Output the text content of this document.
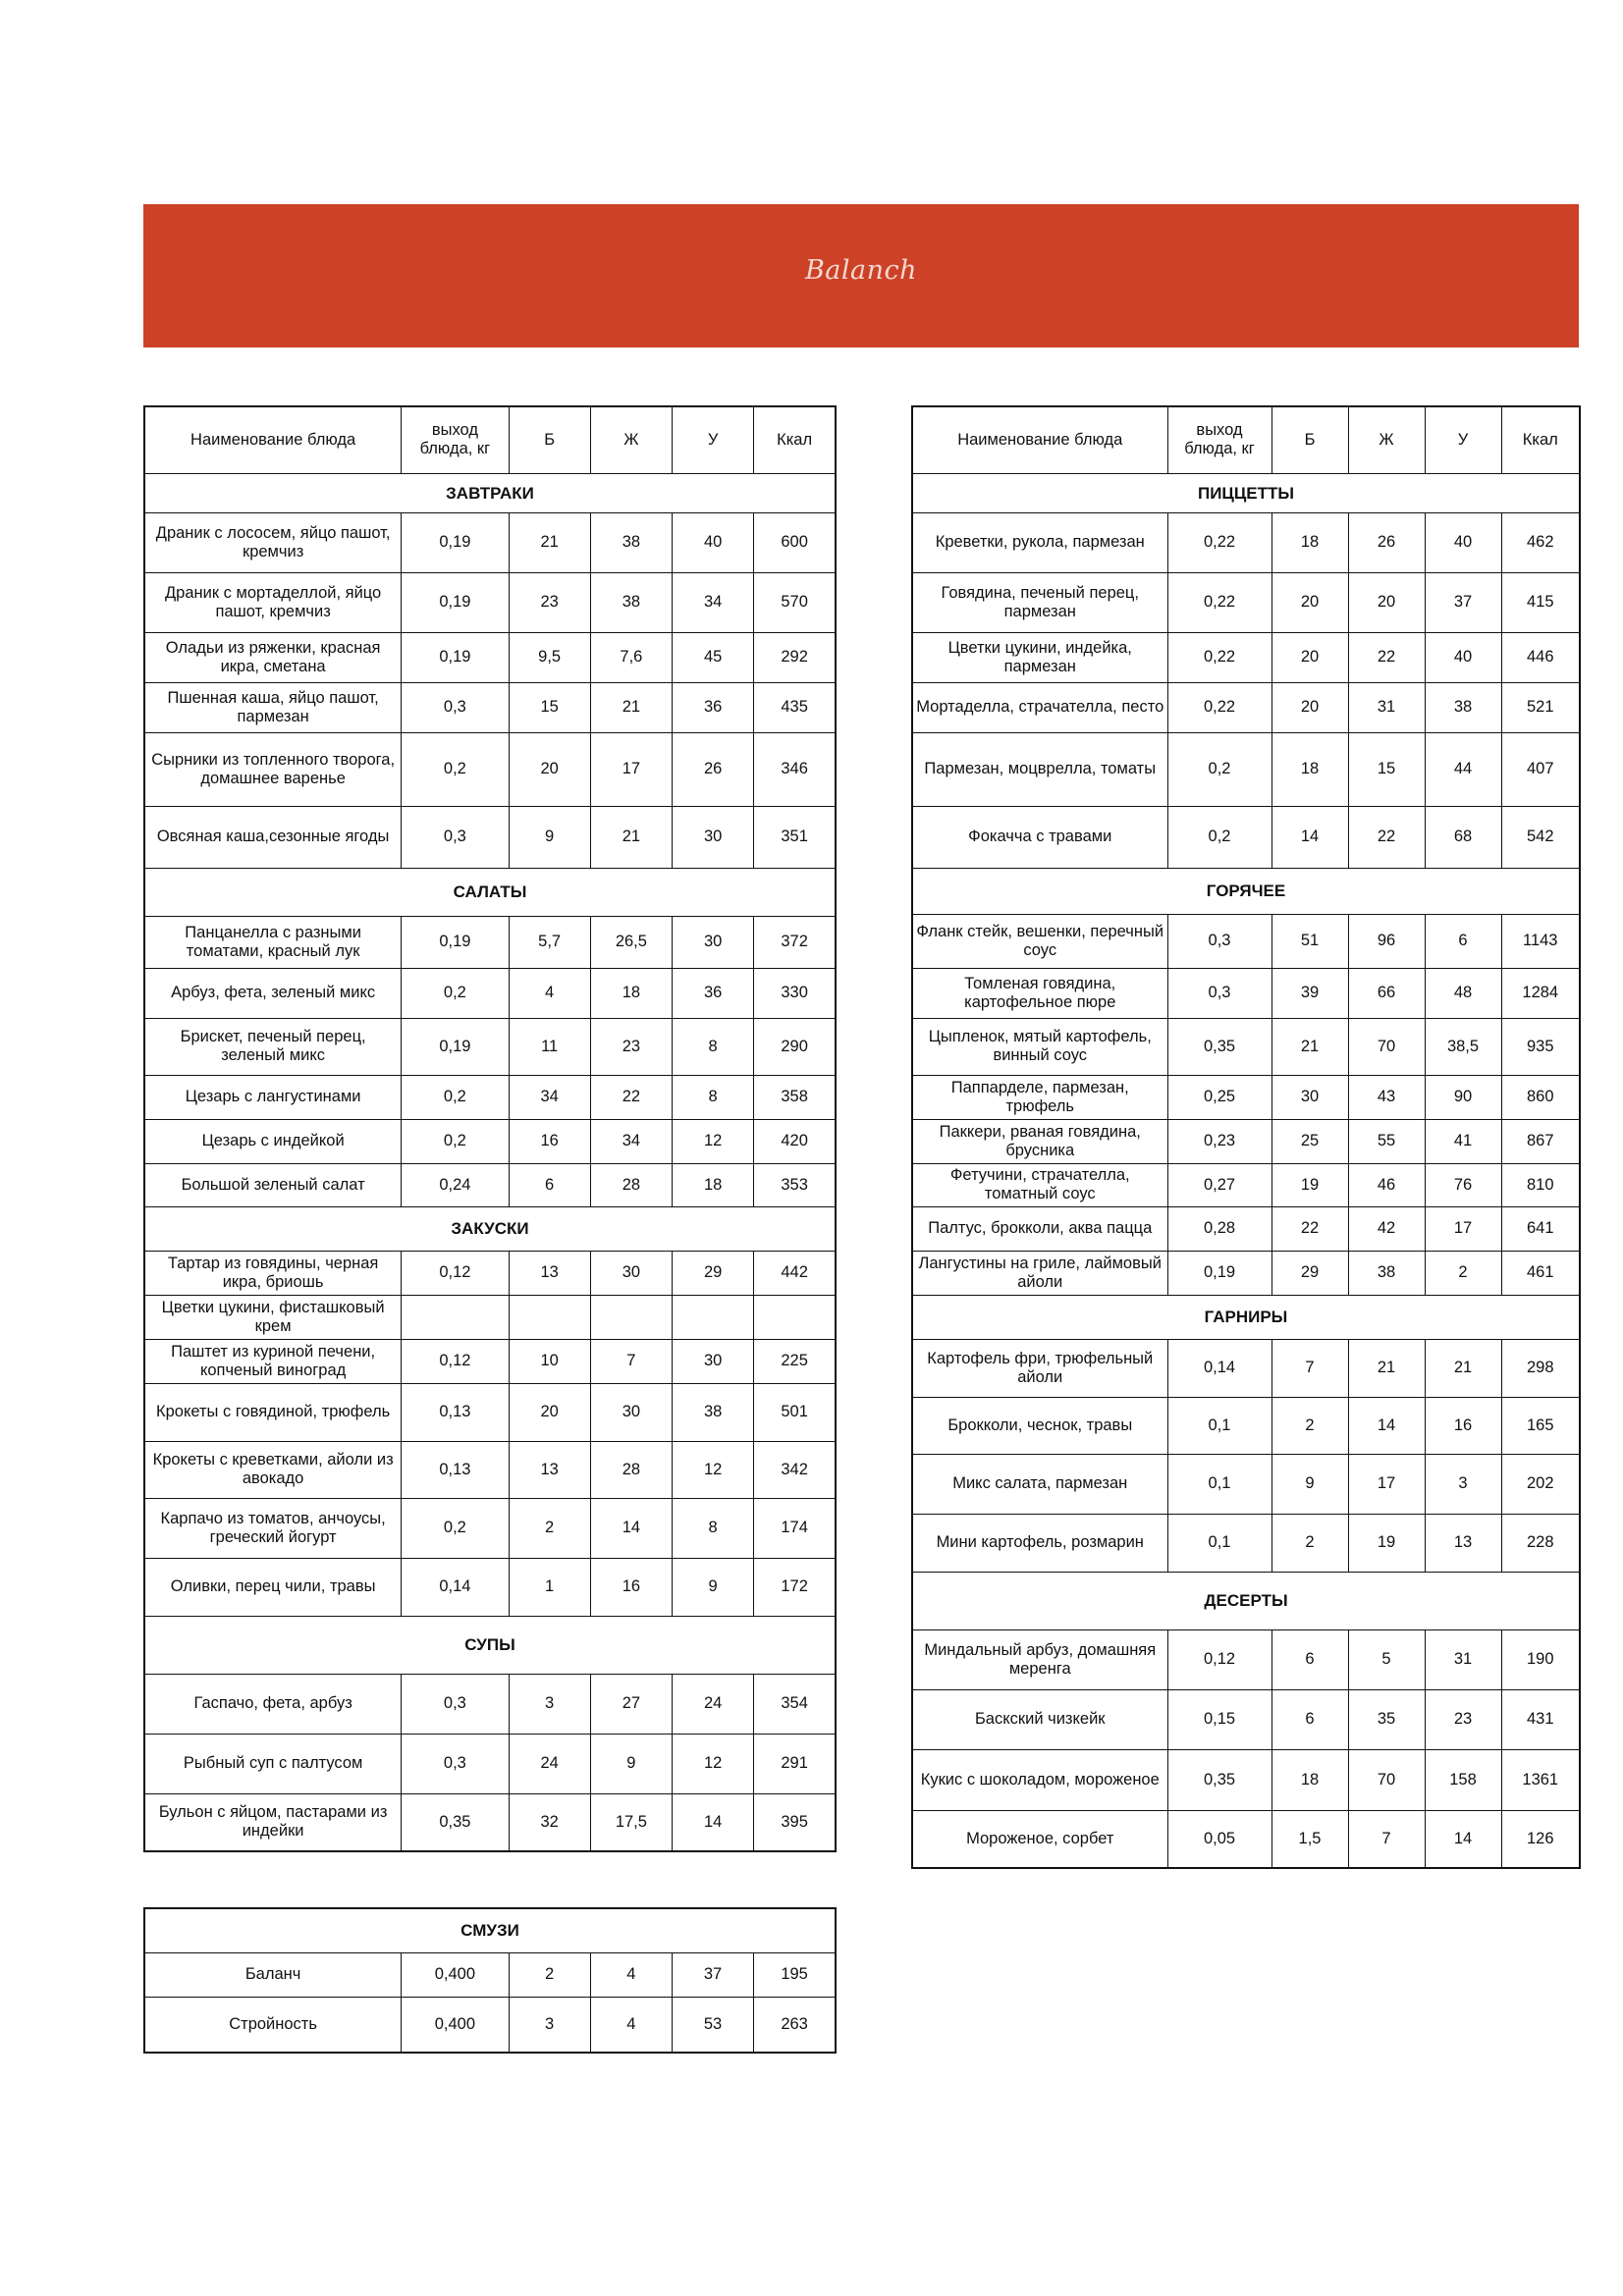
Balanch
Наименование блюда	выход блюда, кг	Б	Ж	У	Ккал
ЗАВТРАКИ					
Драник с лососем, яйцо пашот, кремчиз	0,19	21	38	40	600
Драник с мортаделлой, яйцо пашот, кремчиз	0,19	23	38	34	570
Оладьи из ряженки, красная икра, сметана	0,19	9,5	7,6	45	292
Пшенная каша, яйцо пашот, пармезан	0,3	15	21	36	435
Сырники из топленного творога, домашнее варенье	0,2	20	17	26	346
Овсяная каша,сезонные ягоды	0,3	9	21	30	351
САЛАТЫ					
Панцанелла с разными томатами, красный лук	0,19	5,7	26,5	30	372
Арбуз, фета, зеленый микс	0,2	4	18	36	330
Брискет, печеный перец, зеленый микс	0,19	11	23	8	290
Цезарь с лангустинами	0,2	34	22	8	358
Цезарь с индейкой	0,2	16	34	12	420
Большой зеленый салат	0,24	6	28	18	353
ЗАКУСКИ					
Тартар из говядины, черная икра, бриошь	0,12	13	30	29	442
Цветки цукини, фисташковый крем					
Паштет из куриной печени, копченый виноград	0,12	10	7	30	225
Крокеты с говядиной, трюфель	0,13	20	30	38	501
Крокеты с креветками, айоли из авокадо	0,13	13	28	12	342
Карпачо из томатов, анчоусы, греческий йогурт	0,2	2	14	8	174
Оливки, перец чили, травы	0,14	1	16	9	172
СУПЫ					
Гаспачо, фета, арбуз	0,3	3	27	24	354
Рыбный суп с палтусом	0,3	24	9	12	291
Бульон с яйцом, пастарами из индейки	0,35	32	17,5	14	395
Наименование блюда	выход блюда, кг	Б	Ж	У	Ккал
ПИЦЦЕТТЫ					
Креветки, рукола, пармезан	0,22	18	26	40	462
Говядина, печеный перец, пармезан	0,22	20	20	37	415
Цветки цукини, индейка, пармезан	0,22	20	22	40	446
Мортаделла, страчателла, песто	0,22	20	31	38	521
Пармезан, моцврелла, томаты	0,2	18	15	44	407
Фокачча с травами	0,2	14	22	68	542
ГОРЯЧЕЕ					
Фланк стейк, вешенки, перечный соус	0,3	51	96	6	1143
Томленая говядина, картофельное пюре	0,3	39	66	48	1284
Цыпленок, мятый картофель, винный соус	0,35	21	70	38,5	935
Паппарделе, пармезан, трюфель	0,25	30	43	90	860
Паккери, рваная говядина, брусника	0,23	25	55	41	867
Фетучини, страчателла, томатный соус	0,27	19	46	76	810
Палтус, брокколи, аква пацца	0,28	22	42	17	641
Лангустины на гриле, лаймовый айоли	0,19	29	38	2	461
ГАРНИРЫ					
Картофель фри, трюфельный айоли	0,14	7	21	21	298
Брокколи, чеснок, травы	0,1	2	14	16	165
Микс салата, пармезан	0,1	9	17	3	202
Мини картофель, розмарин	0,1	2	19	13	228
ДЕСЕРТЫ					
Миндальный арбуз, домашняя меренга	0,12	6	5	31	190
Баскский чизкейк	0,15	6	35	23	431
Кукис с шоколадом, мороженое	0,35	18	70	158	1361
Мороженое, сорбет	0,05	1,5	7	14	126
СМУЗИ					
Баланч	0,400	2	4	37	195
Стройность	0,400	3	4	53	263
